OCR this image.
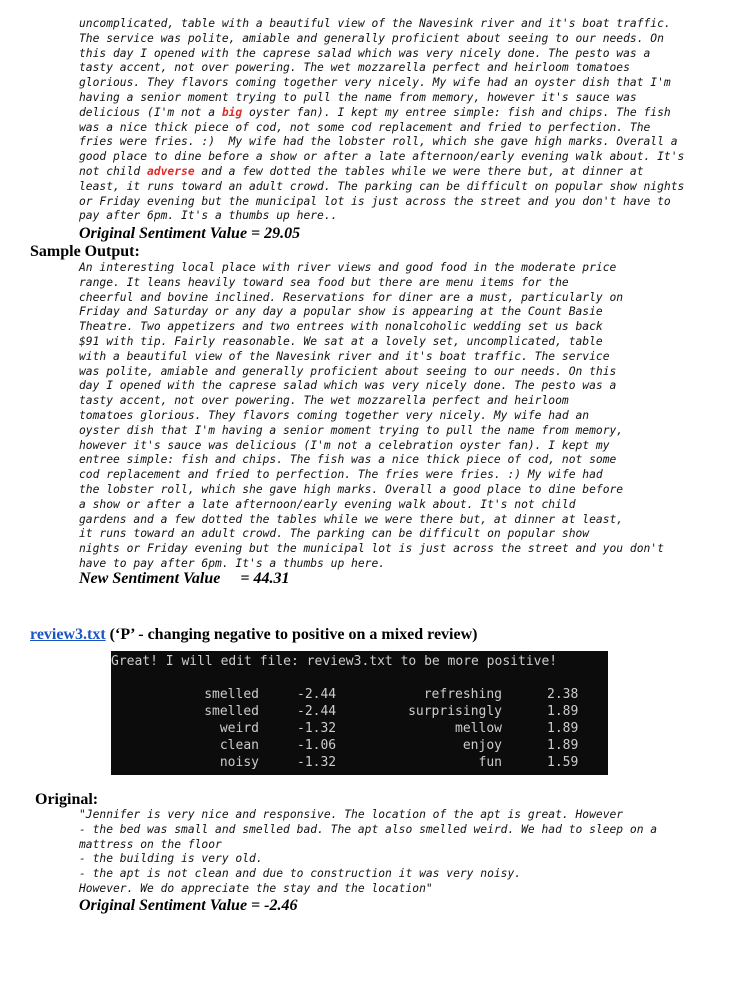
uncomplicated, table with a beautiful view of the Navesink river and it's boat traffic.
The service was polite, amiable and generally proficient about seeing to our needs. On
this day I opened with the caprese salad which was very nicely done. The pesto was a
tasty accent, not over powering. The wet mozzarella perfect and heirloom tomatoes
glorious. They flavors coming together very nicely. My wife had an oyster dish that I'm
having a senior moment trying to pull the name from memory, however it's sauce was
delicious (I'm not a big oyster fan). I kept my entree simple: fish and chips. The fish
was a nice thick piece of cod, not some cod replacement and fried to perfection. The
fries were fries. :)  My wife had the lobster roll, which she gave high marks. Overall a
good place to dine before a show or after a late afternoon/early evening walk about. It's
not child adverse and a few dotted the tables while we were there but, at dinner at
least, it runs toward an adult crowd. The parking can be difficult on popular show nights
or Friday evening but the municipal lot is just across the street and you don't have to
pay after 6pm. It's a thumbs up here..
Original Sentiment Value = 29.05
Sample Output:
An interesting local place with river views and good food in the moderate price
range. It leans heavily toward sea food but there are menu items for the
cheerful and bovine inclined. Reservations for diner are a must, particularly on
Friday and Saturday or any day a popular show is appearing at the Count Basie
Theatre. Two appetizers and two entrees with nonalcoholic wedding set us back
$91 with tip. Fairly reasonable. We sat at a lovely set, uncomplicated, table
with a beautiful view of the Navesink river and it's boat traffic. The service
was polite, amiable and generally proficient about seeing to our needs. On this
day I opened with the caprese salad which was very nicely done. The pesto was a
tasty accent, not over powering. The wet mozzarella perfect and heirloom
tomatoes glorious. They flavors coming together very nicely. My wife had an
oyster dish that I'm having a senior moment trying to pull the name from memory,
however it's sauce was delicious (I'm not a celebration oyster fan). I kept my
entree simple: fish and chips. The fish was a nice thick piece of cod, not some
cod replacement and fried to perfection. The fries were fries. :) My wife had
the lobster roll, which she gave high marks. Overall a good place to dine before
a show or after a late afternoon/early evening walk about. It's not child
gardens and a few dotted the tables while we were there but, at dinner at least,
it runs toward an adult crowd. The parking can be difficult on popular show
nights or Friday evening but the municipal lot is just across the street and you don't
have to pay after 6pm. It's a thumbs up here.
New Sentiment Value     = 44.31
review3.txt (‘P’ - changing negative to positive on a mixed review)
Great! I will edit file: review3.txt to be more positive!
smelled	-2.44	refreshing	2.38
smelled	-2.44	surprisingly	1.89
weird	-1.32	mellow	1.89
clean	-1.06	enjoy	1.89
noisy	-1.32	fun	1.59
Original:
"Jennifer is very nice and responsive. The location of the apt is great. However
- the bed was small and smelled bad. The apt also smelled weird. We had to sleep on a
mattress on the floor
- the building is very old.
- the apt is not clean and due to construction it was very noisy.
However. We do appreciate the stay and the location"
Original Sentiment Value = -2.46
